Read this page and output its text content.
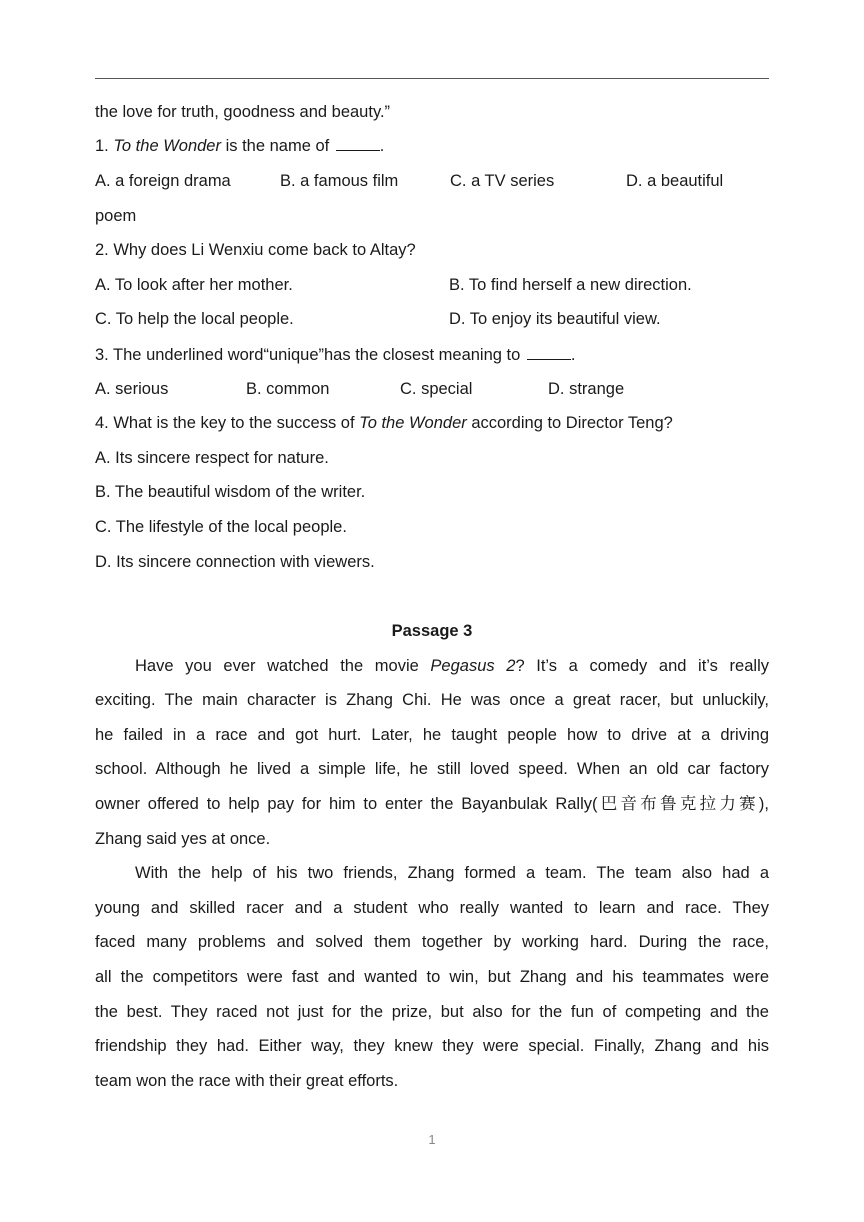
the love for truth, goodness and beauty.”
1. To the Wonder is the name of	.
A. a foreign drama	B. a famous film	C. a TV series	D. a beautiful
poem
2. Why does Li Wenxiu come back to Altay?
A. To look after her mother.	B. To find herself a new direction.
C. To help the local people.	D. To enjoy its beautiful view.
3. The underlined word“unique”has the closest meaning to	.
A. serious	B. common	C. special	D. strange
4. What is the key to the success of To the Wonder according to Director Teng?
A. Its sincere respect for nature.
B. The beautiful wisdom of the writer.
C. The lifestyle of the local people.
D. Its sincere connection with viewers.
Passage 3
Have you ever watched the movie Pegasus 2? It’s a comedy and it’s really
exciting. The main character is Zhang Chi. He was once a great racer, but unluckily,
he failed in a race and got hurt. Later, he taught people how to drive at a driving
school. Although he lived a simple life, he still loved speed. When an old car factory
owner offered to help pay for him to enter the Bayanbulak Rally(巴音布鲁克拉力赛),
Zhang said yes at once.
With the help of his two friends, Zhang formed a team. The team also had a
young and skilled racer and a student who really wanted to learn and race. They
faced many problems and solved them together by working hard. During the race,
all the competitors were fast and wanted to win, but Zhang and his teammates were
the best. They raced not just for the prize, but also for the fun of competing and the
friendship they had. Either way, they knew they were special. Finally, Zhang and his
team won the race with their great efforts.
1
